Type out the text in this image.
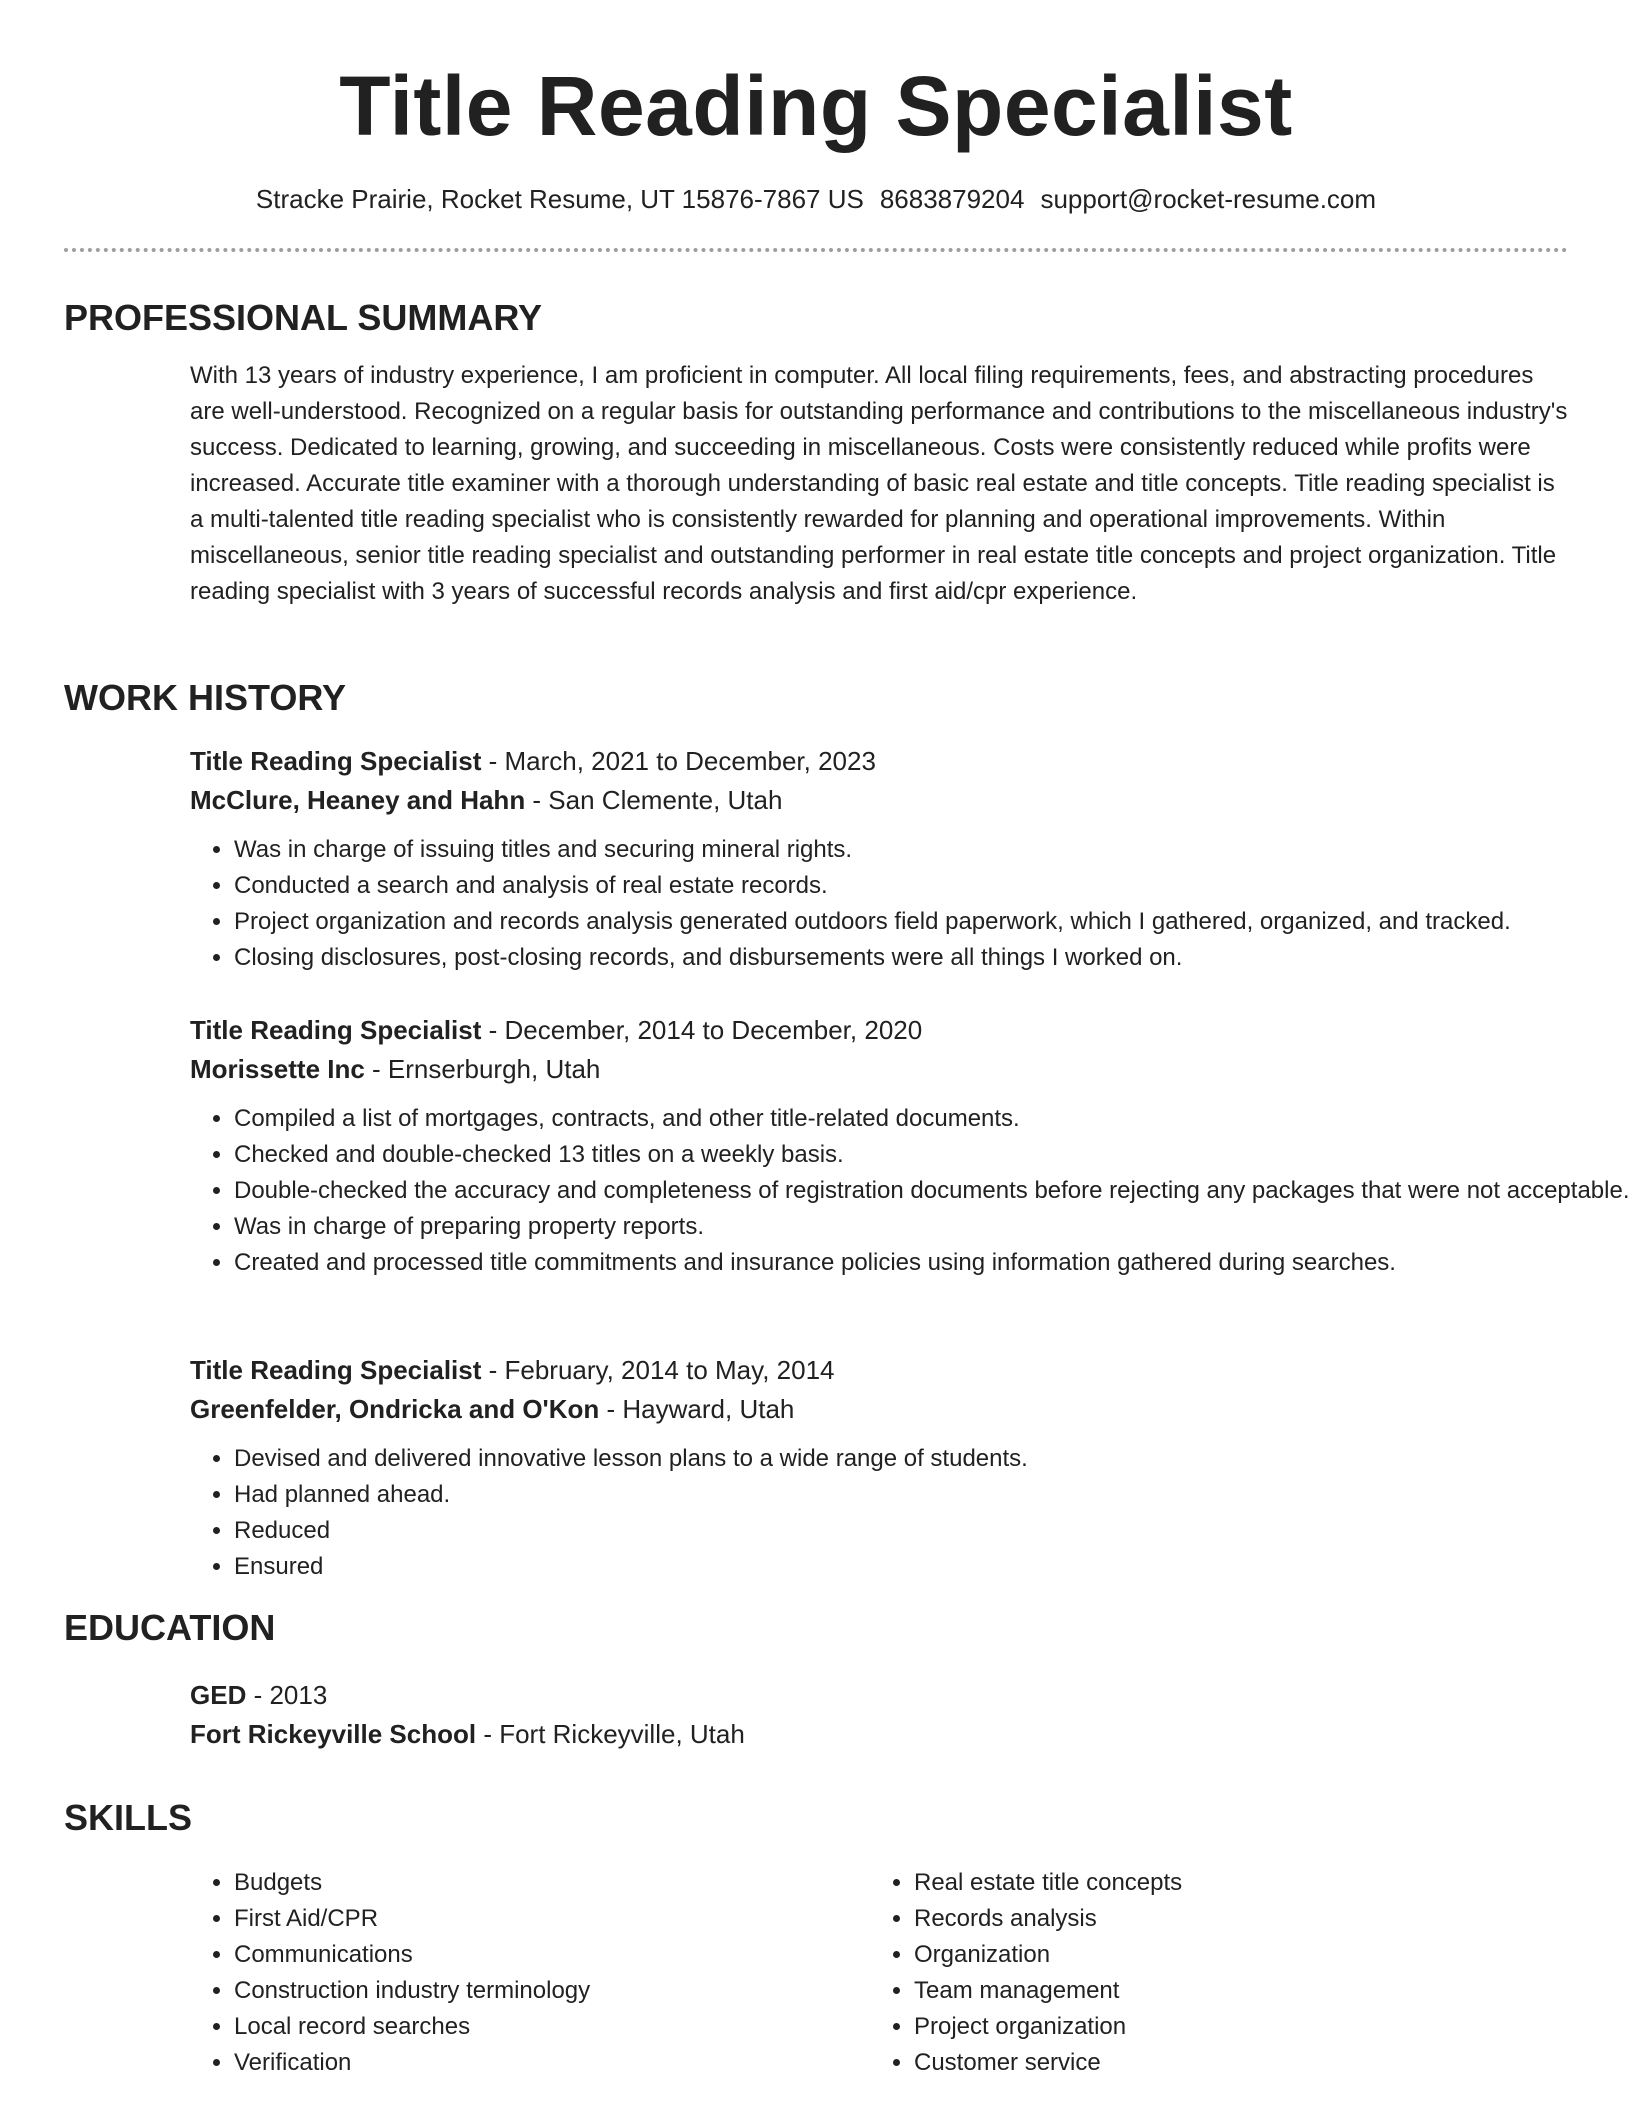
Title Reading Specialist
Stracke Prairie, Rocket Resume, UT 15876-7867 US 8683879204 support@rocket-resume.com
PROFESSIONAL SUMMARY

With 13 years of industry experience, I am proficient in computer. All local filing requirements, fees, and abstracting procedures are well-understood. Recognized on a regular basis for outstanding performance and contributions to the miscellaneous industry's success. Dedicated to learning, growing, and succeeding in miscellaneous. Costs were consistently reduced while profits were increased. Accurate title examiner with a thorough understanding of basic real estate and title concepts. Title reading specialist is a multi-talented title reading specialist who is consistently rewarded for planning and operational improvements. Within miscellaneous, senior title reading specialist and outstanding performer in real estate title concepts and project organization. Title reading specialist with 3 years of successful records analysis and first aid/cpr experience.

WORK HISTORY

Title Reading Specialist - March, 2021 to December, 2023

McClure, Heaney and Hahn - San Clemente, Utah

• Was in charge of issuing titles and securing mineral rights.
• Conducted a search and analysis of real estate records.
• Project organization and records analysis generated outdoors field paperwork, which I gathered, organized, and tracked.
• Closing disclosures, post-closing records, and disbursements were all things I worked on.

Title Reading Specialist - December, 2014 to December, 2020

Morissette Inc - Ernserburgh, Utah

• Compiled a list of mortgages, contracts, and other title-related documents.
• Checked and double-checked 13 titles on a weekly basis.
• Double-checked the accuracy and completeness of registration documents before rejecting any packages that were not acceptable.
• Was in charge of preparing property reports.
• Created and processed title commitments and insurance policies using information gathered during searches.

Title Reading Specialist - February, 2014 to May, 2014

Greenfelder, Ondricka and O'Kon - Hayward, Utah

• Devised and delivered innovative lesson plans to a wide range of students.
• Had planned ahead.
• Reduced
• Ensured
EDUCATION

GED - 2013

Fort Rickeyville School - Fort Rickeyville, Utah

SKILLS
• Budgets
• First Aid/CPR
• Communications
• Construction industry terminology
• Local record searches
• Verification
• Real estate title concepts
• Records analysis
• Organization
• Team management
• Project organization
• Customer service
